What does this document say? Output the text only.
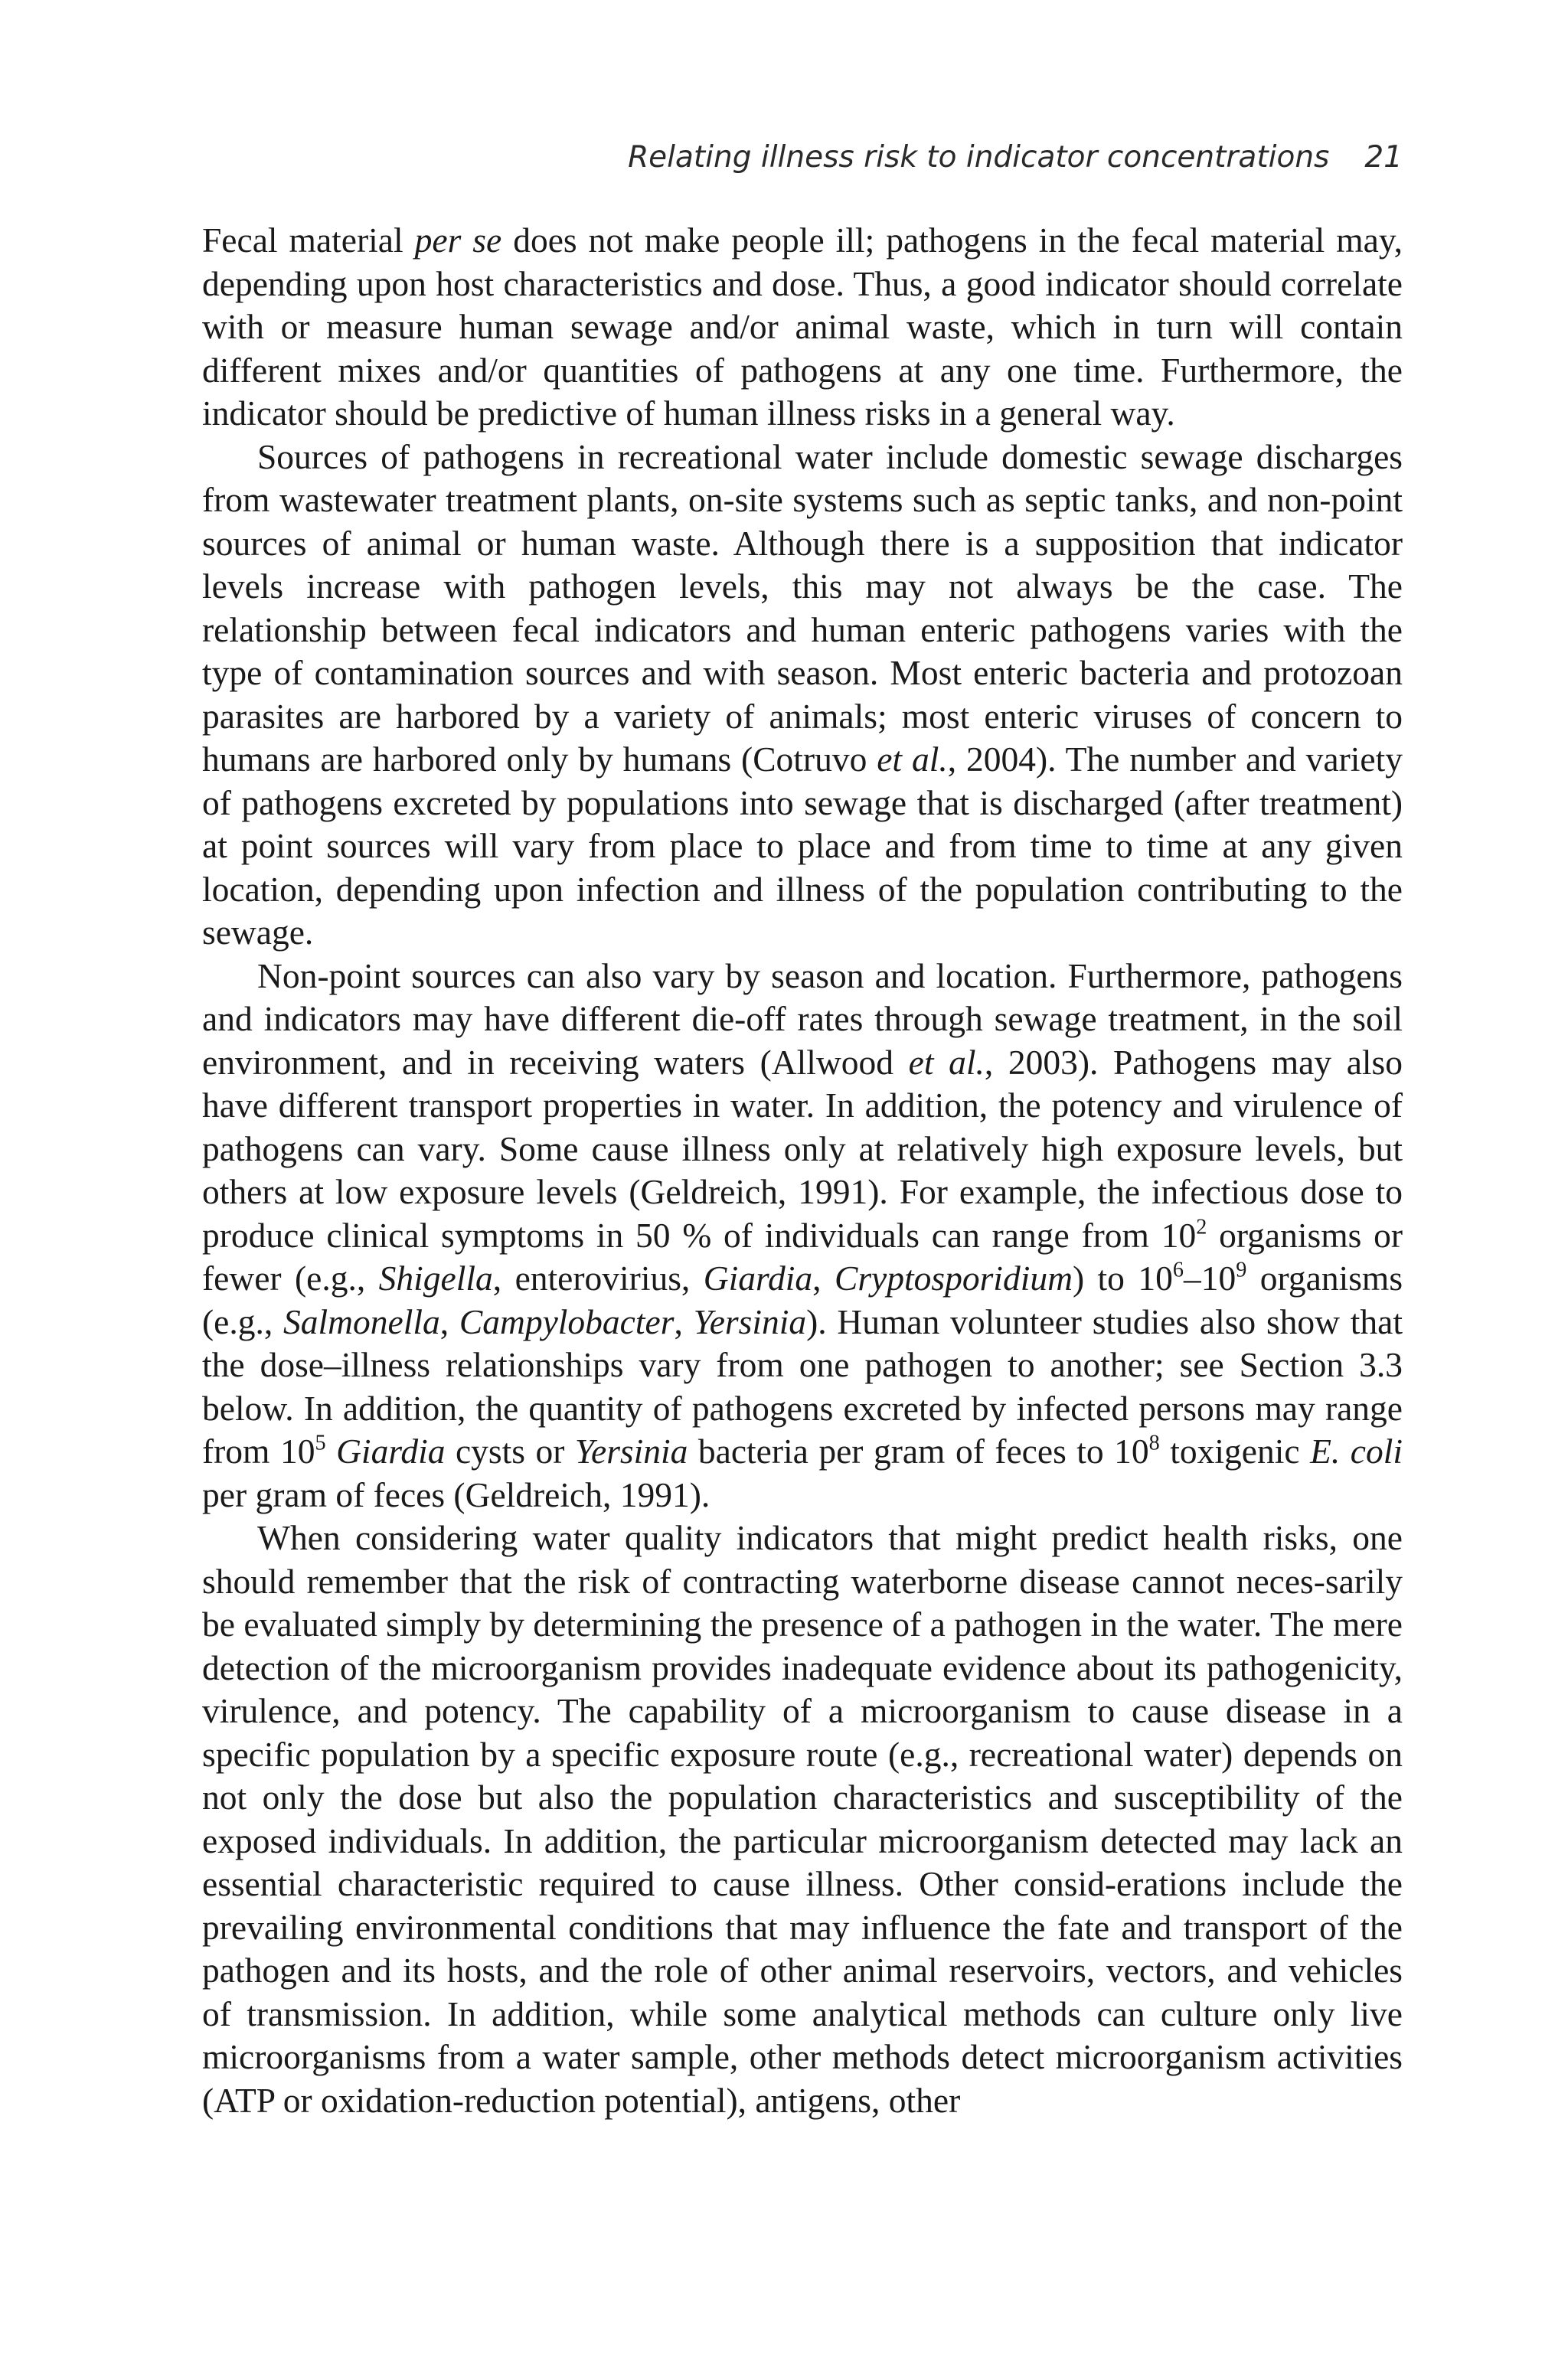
Relating illness risk to indicator concentrations 21

Fecal material per se does not make people ill; pathogens in the fecal material may, depending upon host characteristics and dose. Thus, a good indicator should correlate with or measure human sewage and/or animal waste, which in turn will contain different mixes and/or quantities of pathogens at any one time. Furthermore, the indicator should be predictive of human illness risks in a general way.

Sources of pathogens in recreational water include domestic sewage discharges from wastewater treatment plants, on-site systems such as septic tanks, and non-point sources of animal or human waste. Although there is a supposition that indicator levels increase with pathogen levels, this may not always be the case. The relationship between fecal indicators and human enteric pathogens varies with the type of contamination sources and with season. Most enteric bacteria and protozoan parasites are harbored by a variety of animals; most enteric viruses of concern to humans are harbored only by humans (Cotruvo et al., 2004). The number and variety of pathogens excreted by populations into sewage that is discharged (after treatment) at point sources will vary from place to place and from time to time at any given location, depending upon infection and illness of the population contributing to the sewage.

Non-point sources can also vary by season and location. Furthermore, pathogens and indicators may have different die-off rates through sewage treatment, in the soil environment, and in receiving waters (Allwood et al., 2003). Pathogens may also have different transport properties in water. In addition, the potency and virulence of pathogens can vary. Some cause illness only at relatively high exposure levels, but others at low exposure levels (Geldreich, 1991). For example, the infectious dose to produce clinical symptoms in 50 % of individuals can range from $10^2$ organisms or fewer (e.g., Shigella, enterovirius, Giardia, Cryptosporidium) to $10^6-10^9$ organisms (e.g., Salmonella, Campylobacter, Yersinia). Human volunteer studies also show that the dose–illness relationships vary from one pathogen to another; see Section 3.3 below. In addition, the quantity of pathogens excreted by infected persons may range from $10^5$ Giardia cysts or Yersinia bacteria per gram of feces to $10^8$ toxigenic E. coli per gram of feces (Geldreich, 1991).

When considering water quality indicators that might predict health risks, one should remember that the risk of contracting waterborne disease cannot neces-sarily be evaluated simply by determining the presence of a pathogen in the water. The mere detection of the microorganism provides inadequate evidence about its pathogenicity, virulence, and potency. The capability of a microorganism to cause disease in a specific population by a specific exposure route (e.g., recreational water) depends on not only the dose but also the population characteristics and susceptibility of the exposed individuals. In addition, the particular microorganism detected may lack an essential characteristic required to cause illness. Other consid-erations include the prevailing environmental conditions that may influence the fate and transport of the pathogen and its hosts, and the role of other animal reservoirs, vectors, and vehicles of transmission. In addition, while some analytical methods can culture only live microorganisms from a water sample, other methods detect microorganism activities (ATP or oxidation-reduction potential), antigens, other
